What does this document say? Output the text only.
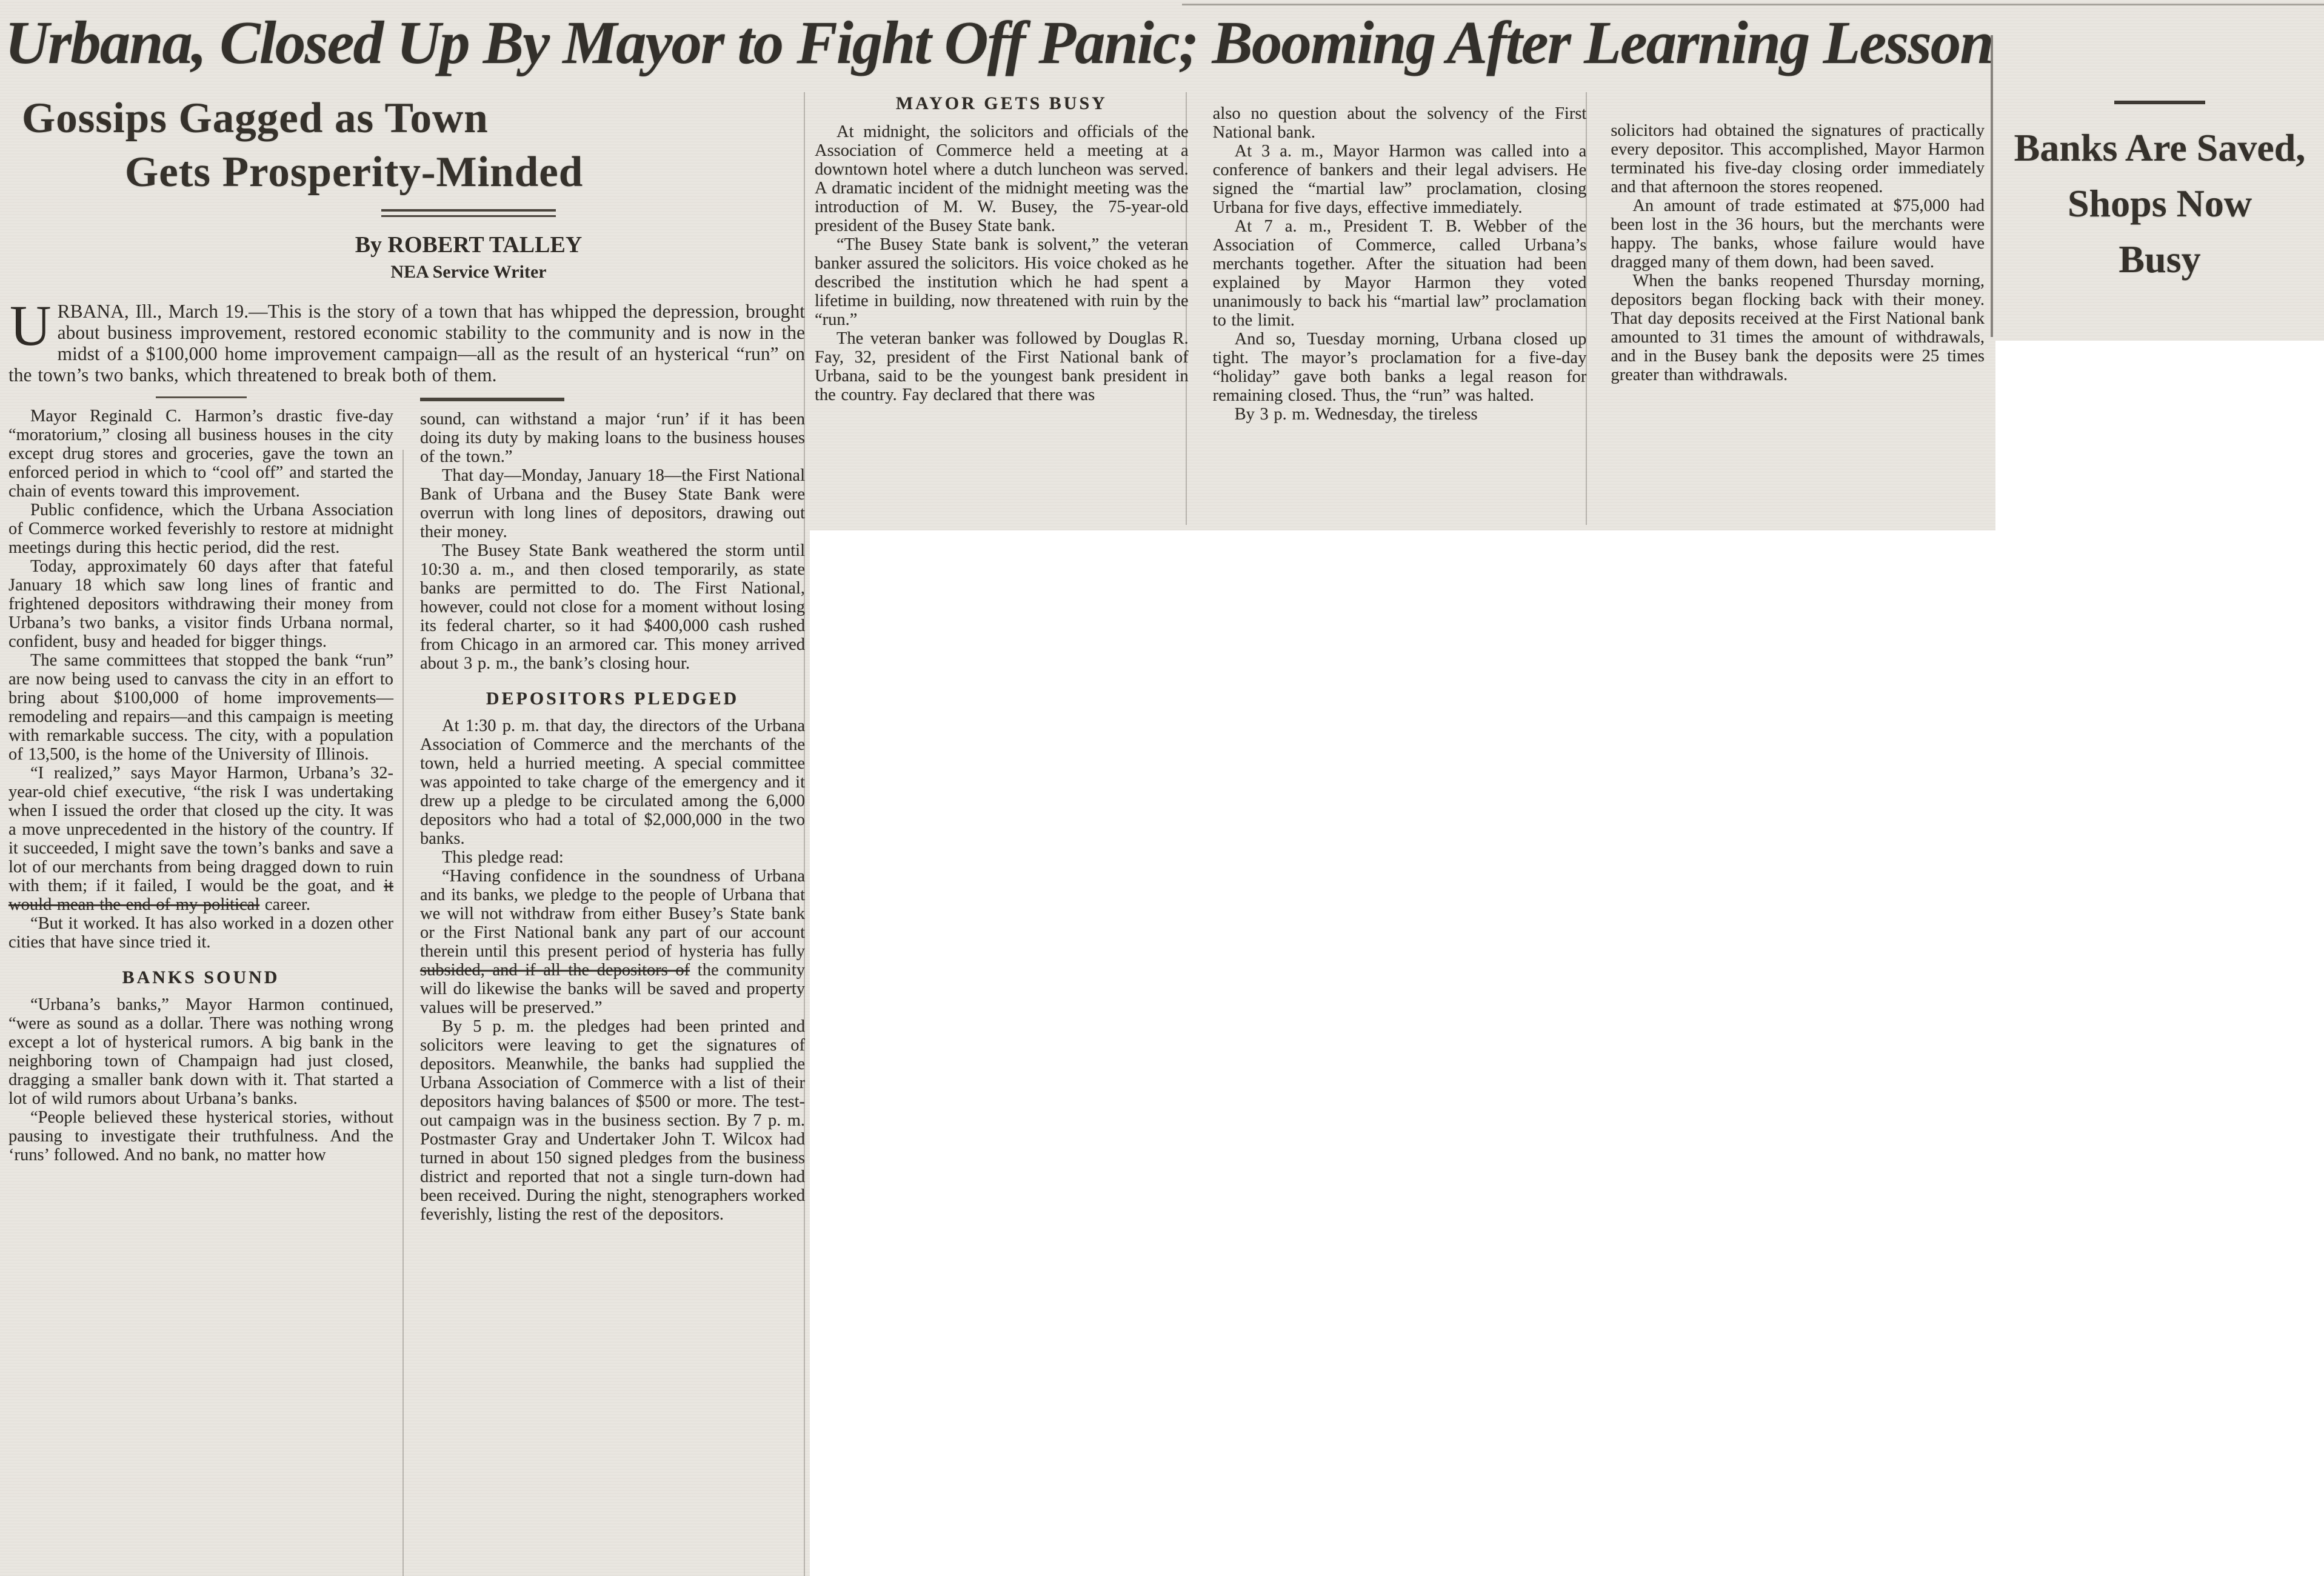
Urbana, Closed Up By Mayor to Fight Off Panic; Booming After Learning Lesson
Gossips Gagged as Town
Gets Prosperity-Minded
By ROBERT TALLEY
NEA Service Writer

URBANA, Ill., March 19.—This is the story of a town that has whipped the depression, brought about business improvement, restored economic stability to the community and is now in the midst of a $100,000 home improvement campaign—all as the result of an hysterical “run” on the town’s two banks, which threatened to break both of them.

Mayor Reginald C. Harmon’s drastic five-day “moratorium,” closing all business houses in the city except drug stores and groceries, gave the town an enforced period in which to “cool off” and started the chain of events toward this improvement.

Public confidence, which the Urbana Association of Commerce worked feverishly to restore at midnight meetings during this hectic period, did the rest.

Today, approximately 60 days after that fateful January 18 which saw long lines of frantic and frightened depositors withdrawing their money from Urbana’s two banks, a visitor finds Urbana normal, confident, busy and headed for bigger things.

The same committees that stopped the bank “run” are now being used to canvass the city in an effort to bring about $100,000 of home improvements—remodeling and repairs—and this campaign is meeting with remarkable success. The city, with a population of 13,500, is the home of the University of Illinois.

“I realized,” says Mayor Harmon, Urbana’s 32-year-old chief executive, “the risk I was undertaking when I issued the order that closed up the city. It was a move unprecedented in the history of the country. If it succeeded, I might save the town’s banks and save a lot of our merchants from being dragged down to ruin with them; if it failed, I would be the goat, and it would mean the end of my political career.

“But it worked. It has also worked in a dozen other cities that have since tried it.

BANKS SOUND

“Urbana’s banks,” Mayor Harmon continued, “were as sound as a dollar. There was nothing wrong except a lot of hysterical rumors. A big bank in the neighboring town of Champaign had just closed, dragging a smaller bank down with it. That started a lot of wild rumors about Urbana’s banks.

“People believed these hysterical stories, without pausing to investigate their truthfulness. And the ‘runs’ followed. And no bank, no matter how

sound, can withstand a major ‘run’ if it has been doing its duty by making loans to the business houses of the town.”

That day—Monday, January 18—the First National Bank of Urbana and the Busey State Bank were overrun with long lines of depositors, drawing out their money.

The Busey State Bank weathered the storm until 10:30 a. m., and then closed temporarily, as state banks are permitted to do. The First National, however, could not close for a moment without losing its federal charter, so it had $400,000 cash rushed from Chicago in an armored car. This money arrived about 3 p. m., the bank’s closing hour.

DEPOSITORS PLEDGED

At 1:30 p. m. that day, the directors of the Urbana Association of Commerce and the merchants of the town, held a hurried meeting. A special committee was appointed to take charge of the emergency and it drew up a pledge to be circulated among the 6,000 depositors who had a total of $2,000,000 in the two banks.

This pledge read:

“Having confidence in the soundness of Urbana and its banks, we pledge to the people of Urbana that we will not withdraw from either Busey’s State bank or the First National bank any part of our account therein until this present period of hysteria has fully subsided, and if all the depositors of the community will do likewise the banks will be saved and property values will be preserved.”

By 5 p. m. the pledges had been printed and solicitors were leaving to get the signatures of depositors. Meanwhile, the banks had supplied the Urbana Association of Commerce with a list of their depositors having balances of $500 or more. The test-out campaign was in the business section. By 7 p. m. Postmaster Gray and Undertaker John T. Wilcox had turned in about 150 signed pledges from the business district and reported that not a single turn-down had been received. During the night, stenographers worked feverishly, listing the rest of the depositors.

MAYOR GETS BUSY

At midnight, the solicitors and officials of the Association of Commerce held a meeting at a downtown hotel where a dutch luncheon was served. A dramatic incident of the midnight meeting was the introduction of M. W. Busey, the 75-year-old president of the Busey State bank.

“The Busey State bank is solvent,” the veteran banker assured the solicitors. His voice choked as he described the institution which he had spent a lifetime in building, now threatened with ruin by the “run.”

The veteran banker was followed by Douglas R. Fay, 32, president of the First National bank of Urbana, said to be the youngest bank president in the country. Fay declared that there was

also no question about the solvency of the First National bank.

At 3 a. m., Mayor Harmon was called into a conference of bankers and their legal advisers. He signed the “martial law” proclamation, closing Urbana for five days, effective immediately.

At 7 a. m., President T. B. Webber of the Association of Commerce, called Urbana’s merchants together. After the situation had been explained by Mayor Harmon they voted unanimously to back his “martial law” proclamation to the limit.

And so, Tuesday morning, Urbana closed up tight. The mayor’s proclamation for a five-day “holiday” gave both banks a legal reason for remaining closed. Thus, the “run” was halted.

By 3 p. m. Wednesday, the tireless

solicitors had obtained the signatures of practically every depositor. This accomplished, Mayor Harmon terminated his five-day closing order immediately and that afternoon the stores reopened.

An amount of trade estimated at $75,000 had been lost in the 36 hours, but the merchants were happy. The banks, whose failure would have dragged many of them down, had been saved.

When the banks reopened Thursday morning, depositors began flocking back with their money. That day deposits received at the First National bank amounted to 31 times the amount of withdrawals, and in the Busey bank the deposits were 25 times greater than withdrawals.

Banks Are Saved,
Shops Now
Busy
